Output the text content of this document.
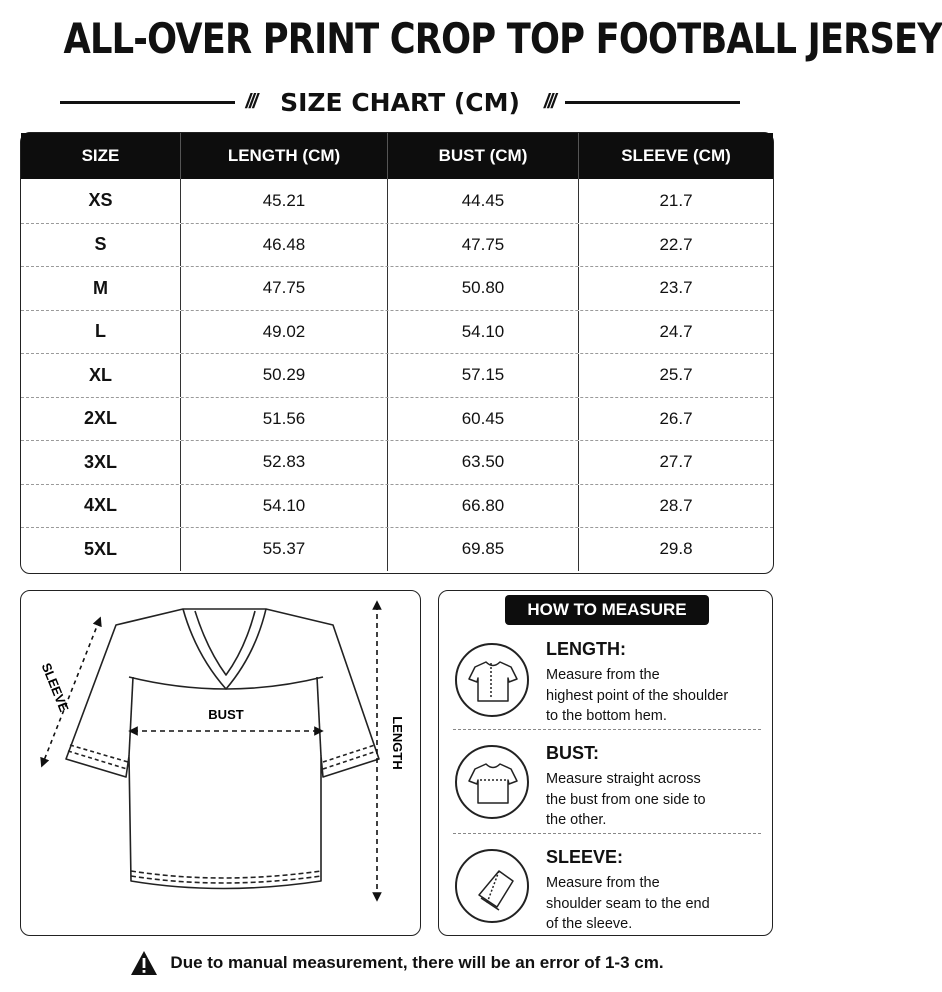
ALL-OVER PRINT CROP TOP FOOTBALL JERSEY
/// SIZE CHART (CM) ///
SIZE	LENGTH (CM)	BUST (CM)	SLEEVE (CM)
XS	45.21	44.45	21.7
S	46.48	47.75	22.7
M	47.75	50.80	23.7
L	49.02	54.10	24.7
XL	50.29	57.15	25.7
2XL	51.56	60.45	26.7
3XL	52.83	63.50	27.7
4XL	54.10	66.80	28.7
5XL	55.37	69.85	29.8
SLEEVE
BUST
LENGTH
HOW TO MEASURE
LENGTH:
Measure from the
highest point of the shoulder
to the bottom hem.
BUST:
Measure straight across
the bust from one side to
the other.
SLEEVE:
Measure from the
shoulder seam to the end
of the sleeve.
Due to manual measurement, there will be an error of 1-3 cm.
